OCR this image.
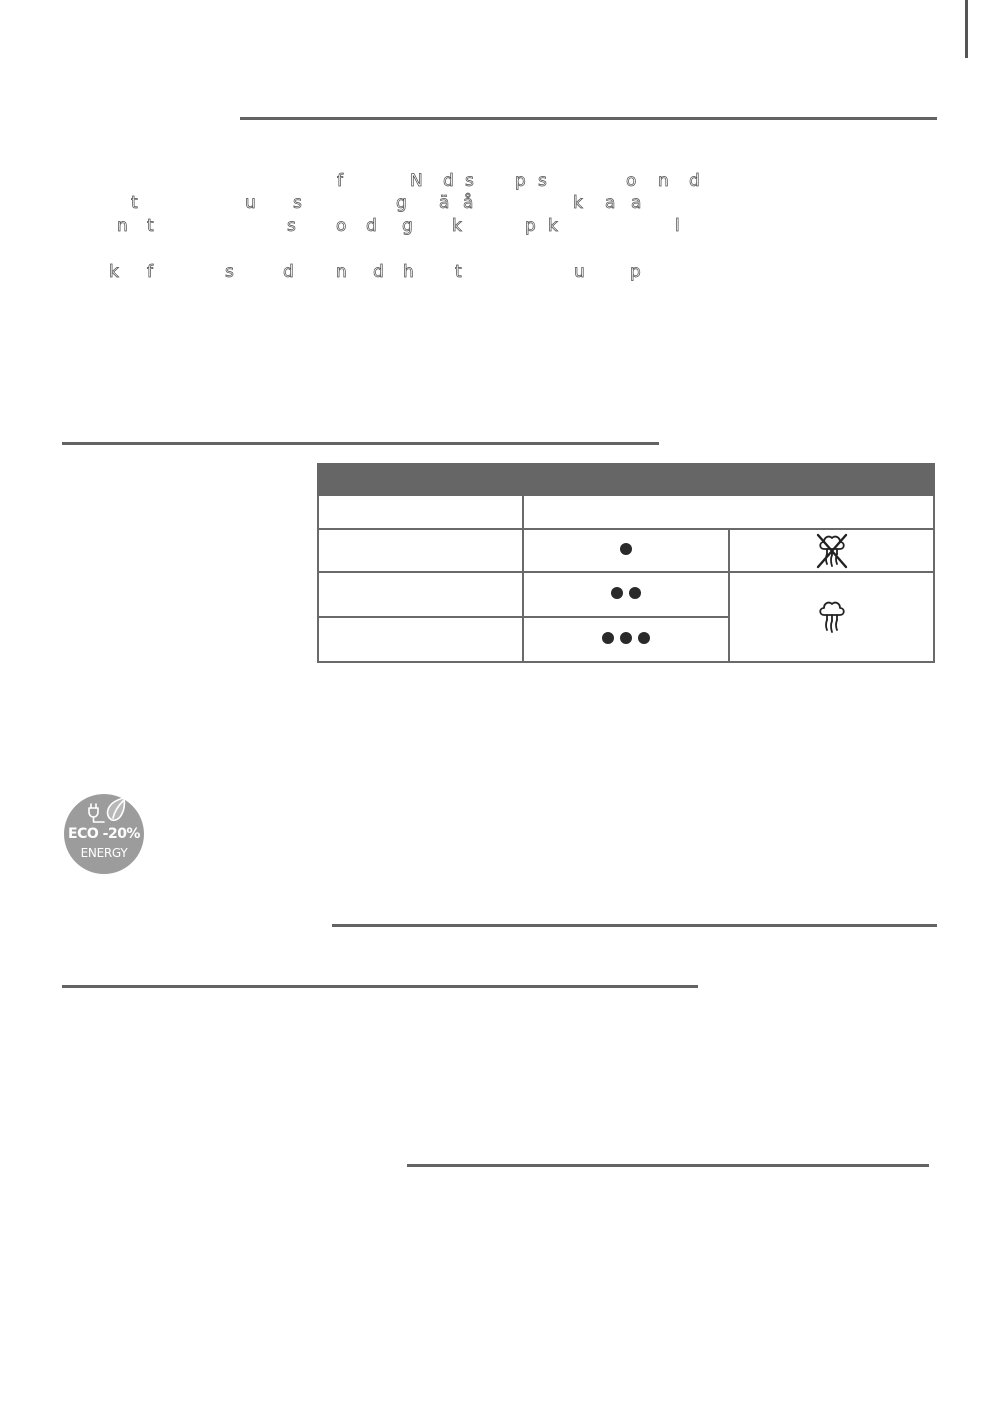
f	N d s p s	o n d
t	u s	g ä å	k a a
n t	s o d g k	p k	l
k f	s	d n d h t	u	p

ECO -20%
ENERGY
